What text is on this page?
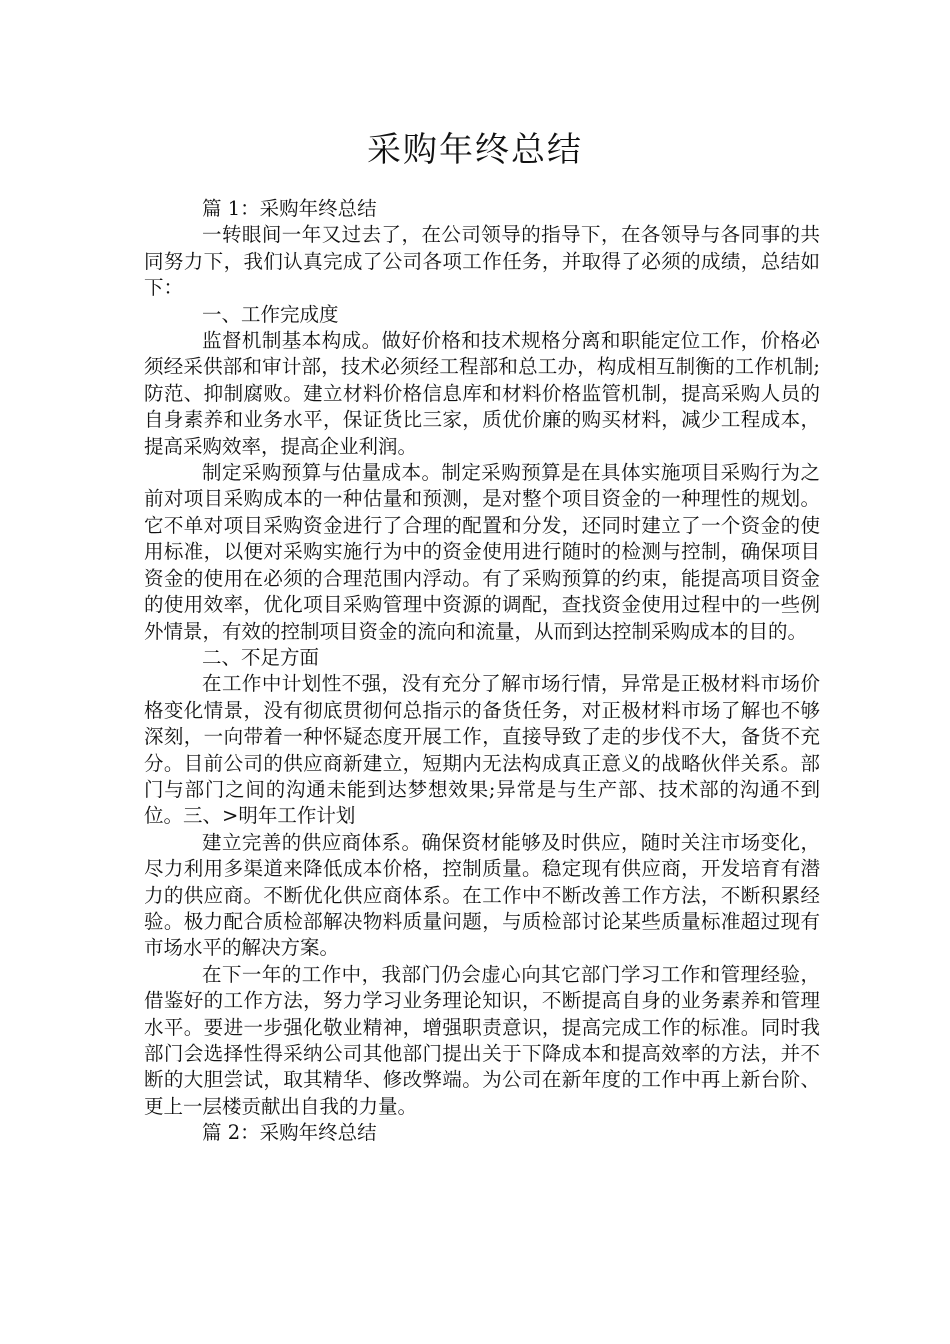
采购年终总结

篇 1：采购年终总结

一转眼间一年又过去了，在公司领导的指导下，在各领导与各同事的共同努力下，我们认真完成了公司各项工作任务，并取得了必须的成绩，总结如下：

一、工作完成度

监督机制基本构成。做好价格和技术规格分离和职能定位工作，价格必须经采供部和审计部，技术必须经工程部和总工办，构成相互制衡的工作机制;防范、抑制腐败。建立材料价格信息库和材料价格监管机制，提高采购人员的自身素养和业务水平，保证货比三家，质优价廉的购买材料，减少工程成本，提高采购效率，提高企业利润。

制定采购预算与估量成本。制定采购预算是在具体实施项目采购行为之前对项目采购成本的一种估量和预测，是对整个项目资金的一种理性的规划。它不单对项目采购资金进行了合理的配置和分发，还同时建立了一个资金的使用标准，以便对采购实施行为中的资金使用进行随时的检测与控制，确保项目资金的使用在必须的合理范围内浮动。有了采购预算的约束，能提高项目资金的使用效率，优化项目采购管理中资源的调配，查找资金使用过程中的一些例外情景，有效的控制项目资金的流向和流量，从而到达控制采购成本的目的。

二、不足方面

在工作中计划性不强，没有充分了解市场行情，异常是正极材料市场价格变化情景，没有彻底贯彻何总指示的备货任务，对正极材料市场了解也不够深刻，一向带着一种怀疑态度开展工作，直接导致了走的步伐不大，备货不充分。目前公司的供应商新建立，短期内无法构成真正意义的战略伙伴关系。部门与部门之间的沟通未能到达梦想效果;异常是与生产部、技术部的沟通不到位。三、>明年工作计划

建立完善的供应商体系。确保资材能够及时供应，随时关注市场变化，尽力利用多渠道来降低成本价格，控制质量。稳定现有供应商，开发培育有潜力的供应商。不断优化供应商体系。在工作中不断改善工作方法，不断积累经验。极力配合质检部解决物料质量问题，与质检部讨论某些质量标准超过现有市场水平的解决方案。

在下一年的工作中，我部门仍会虚心向其它部门学习工作和管理经验，借鉴好的工作方法，努力学习业务理论知识，不断提高自身的业务素养和管理水平。要进一步强化敬业精神，增强职责意识，提高完成工作的标准。同时我部门会选择性得采纳公司其他部门提出关于下降成本和提高效率的方法，并不断的大胆尝试，取其精华、修改弊端。为公司在新年度的工作中再上新台阶、更上一层楼贡献出自我的力量。

篇 2：采购年终总结
